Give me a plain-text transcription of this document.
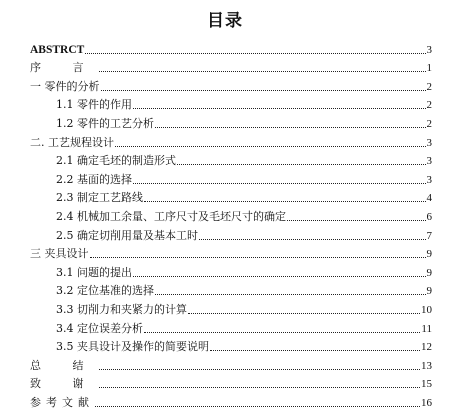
目录
ABSTRCT	3
序 言	1
一 零件的分析	2
1.1 零件的作用	2
1.2 零件的工艺分析	2
二. 工艺规程设计	3
2.1 确定毛坯的制造形式	3
2.2 基面的选择	3
2.3 制定工艺路线	4
2.4 机械加工余量、工序尺寸及毛坯尺寸的确定	6
2.5 确定切削用量及基本工时	7
三 夹具设计	9
3.1 问题的提出	9
3.2 定位基准的选择	9
3.3 切削力和夹紧力的计算	10
3.4 定位误差分析	11
3.5 夹具设计及操作的简要说明	12
总 结	13
致 谢	15
参考文献	16
